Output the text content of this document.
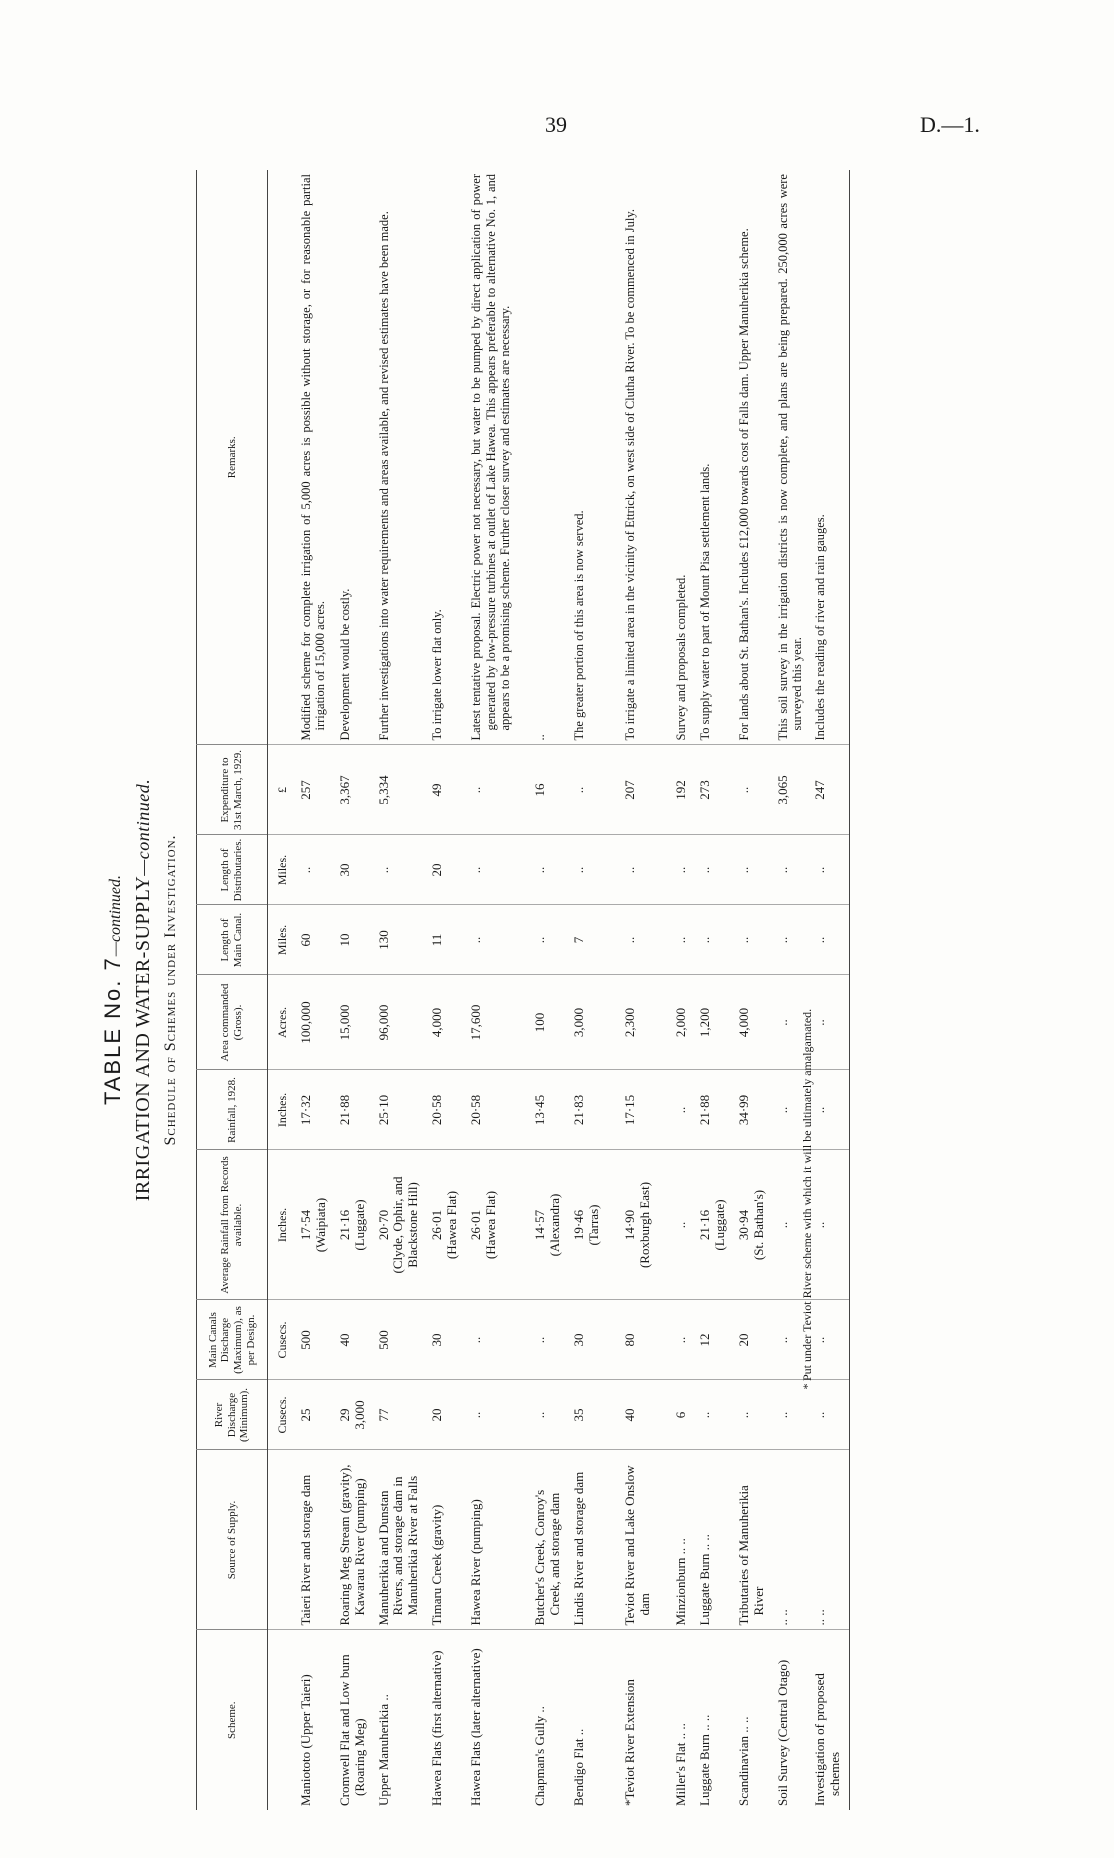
39	D.—1.
TABLE No. 7—continued. IRRIGATION AND WATER-SUPPLY—continued.
Schedule of Schemes under Investigation.
Scheme.	Source of Supply.	River Discharge (Minimum).	Main Canals Discharge (Maximum), as per Design.	Average Rainfall from Records available.	Rainfall, 1928.	Area commanded (Gross).	Length of Main Canal.	Length of Distributaries.	Expenditure to 31st March, 1929.	Remarks.
		Cusecs.	Cusecs.	Inches.	Inches.	Acres.	Miles.	Miles.	£	
Maniototo (Upper Taieri)	Taieri River and storage dam	25	500	17·54 (Waipiata)	17·32	100,000	60	..	257	Modified scheme for complete irrigation of 5,000 acres is possible without storage, or for reasonable partial irrigation of 15,000 acres.
Cromwell Flat and Low burn (Roaring Meg)	Roaring Meg Stream (gravity), Kawarau River (pumping)	29 3,000	40	21·16 (Luggate)	21·88	15,000	10	30	3,367	Development would be costly.
Upper Manuherikia ..	Manuherikia and Dunstan Rivers, and storage dam in Manuherikia River at Falls	77	500	20·70 (Clyde, Ophir, and Blackstone Hill)	25·10	96,000	130	..	5,334	Further investigations into water requirements and areas available, and revised estimates have been made.
Hawea Flats (first alternative)	Timaru Creek (gravity)	20	30	26·01 (Hawea Flat)	20·58	4,000	11	20	49	To irrigate lower flat only.
Hawea Flats (later alternative)	Hawea River (pumping)	..	..	26·01 (Hawea Flat)	20·58	17,600	..	..	..	Latest tentative proposal. Electric power not necessary, but water to be pumped by direct application of power generated by low-pressure turbines at outlet of Lake Hawea. This appears preferable to alternative No. 1, and appears to be a promising scheme. Further closer survey and estimates are necessary.
Chapman's Gully ..	Butcher's Creek, Conroy's Creek, and storage dam	..	..	14·57 (Alexandra)	13·45	100	..	..	16	..
Bendigo Flat ..	Lindis River and storage dam	35	30	19·46 (Tarras)	21·83	3,000	7	..	..	The greater portion of this area is now served.
*Teviot River Extension	Teviot River and Lake Onslow dam	40	80	14·90 (Roxburgh East)	17·15	2,300	..	..	207	To irrigate a limited area in the vicinity of Ettrick, on west side of Clutha River. To be commenced in July.
Miller's Flat .. ..	Minzionburn .. ..	6	..	..	..	2,000	..	..	192	Survey and proposals completed.
Luggate Burn .. ..	Luggate Burn .. ..	..	12	21·16 (Luggate)	21·88	1,200	..	..	273	To supply water to part of Mount Pisa settlement lands.
Scandinavian .. ..	Tributaries of Manuherikia River	..	20	30·94 (St. Bathan's)	34·99	4,000	..	..	..	For lands about St. Bathan's. Includes £12,000 towards cost of Falls dam. Upper Manuherikia scheme.
Soil Survey (Central Otago)	.. ..	..	..	..	..	..	..	..	3,065	This soil survey in the irrigation districts is now complete, and plans are being prepared. 250,000 acres were surveyed this year.
Investigation of proposed schemes	.. ..	..	..	..	..	..	..	..	247	Includes the reading of river and rain gauges.
* Put under Teviot River scheme with which it will be ultimately amalgamated.
